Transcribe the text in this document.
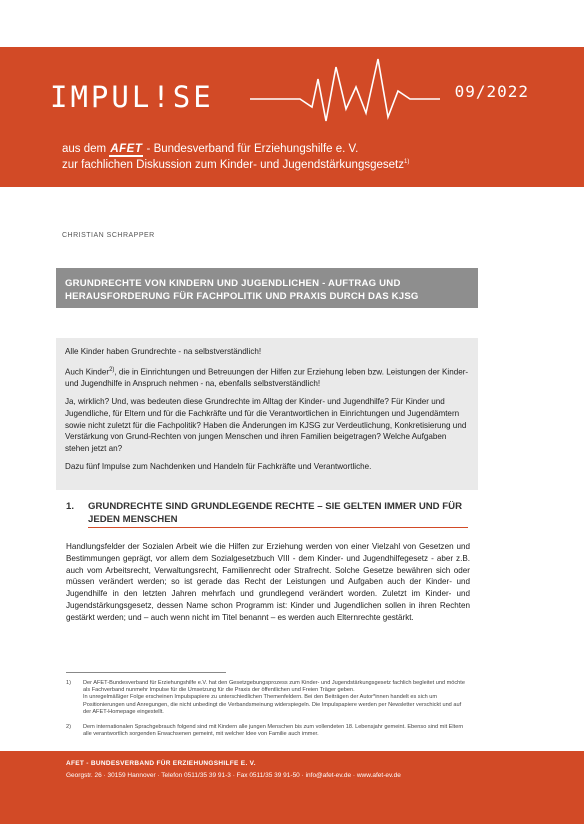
IMPUL!SE	09/2022
aus dem AFET - Bundesverband für Erziehungshilfe e. V.
zur fachlichen Diskussion zum Kinder- und Jugendstärkungsgesetz$^{1)}$
CHRISTIAN SCHRAPPER
GRUNDRECHTE VON KINDERN UND JUGENDLICHEN - AUFTRAG UND
HERAUSFORDERUNG FÜR FACHPOLITIK UND PRAXIS DURCH DAS KJSG

Alle Kinder haben Grundrechte - na selbstverständlich!

Auch Kinder$^{2)}$, die in Einrichtungen und Betreuungen der Hilfen zur Erziehung leben bzw. Leistungen der Kinder- und Jugendhilfe in Anspruch nehmen - na, ebenfalls selbstverständlich!

Ja, wirklich? Und, was bedeuten diese Grundrechte im Alltag der Kinder- und Jugendhilfe? Für Kinder und Jugendliche, für Eltern und für die Fachkräfte und für die Verantwortlichen in Einrichtungen und Jugendämtern sowie nicht zuletzt für die Fachpolitik? Haben die Änderungen im KJSG zur Verdeutlichung, Konkretisierung und Verstärkung von Grund-Rechten von jungen Menschen und ihren Familien beigetragen? Welche Aufgaben stehen jetzt an?

Dazu fünf Impulse zum Nachdenken und Handeln für Fachkräfte und Verantwortliche.

1. GRUNDRECHTE SIND GRUNDLEGENDE RECHTE – SIE GELTEN IMMER UND FÜR JEDEN MENSCHEN
Handlungsfelder der Sozialen Arbeit wie die Hilfen zur Erziehung werden von einer Vielzahl von Gesetzen und Bestimmungen geprägt, vor allem dem Sozialgesetzbuch VIII - dem Kinder- und Jugendhilfegesetz - aber z.B. auch vom Arbeitsrecht, Verwaltungsrecht, Familienrecht oder Strafrecht. Solche Gesetze bewähren sich oder müssen verändert werden; so ist gerade das Recht der Leistungen und Aufgaben auch der Kinder- und Jugendhilfe in den letzten Jahren mehrfach und grundlegend verändert worden. Zuletzt im Kinder- und Jugendstärkungsgesetz, dessen Name schon Programm ist: Kinder und Jugendlichen sollen in ihren Rechten gestärkt werden; und – auch wenn nicht im Titel benannt – es werden auch Elternrechte gestärkt.
1) Der AFET-Bundesverband für Erziehungshilfe e.V. hat den Gesetzgebungsprozess zum Kinder- und Jugendstärkungsgesetz fachlich begleitet und möchte als Fachverband nunmehr Impulse für die Umsetzung für die Praxis der öffentlichen und Freien Träger geben.
In unregelmäßiger Folge erscheinen Impulspapiere zu unterschiedlichen Themenfeldern. Bei den Beiträgen der Autor*innen handelt es sich um Positionierungen und Anregungen, die nicht unbedingt die Verbandsmeinung widerspiegeln. Die Impulspapiere werden per Newsletter verschickt und auf der AFET-Homepage eingestellt.
2) Dem internationalen Sprachgebrauch folgend sind mit Kindern alle jungen Menschen bis zum vollendeten 18. Lebensjahr gemeint. Ebenso sind mit Eltern alle verantwortlich sorgenden Erwachsenen gemeint, mit welcher Idee von Familie auch immer.
AFET - BUNDESVERBAND FÜR ERZIEHUNGSHILFE E. V.
Georgstr. 26 · 30159 Hannover · Telefon 0511/35 39 91-3 · Fax 0511/35 39 91-50 · info@afet-ev.de · www.afet-ev.de
